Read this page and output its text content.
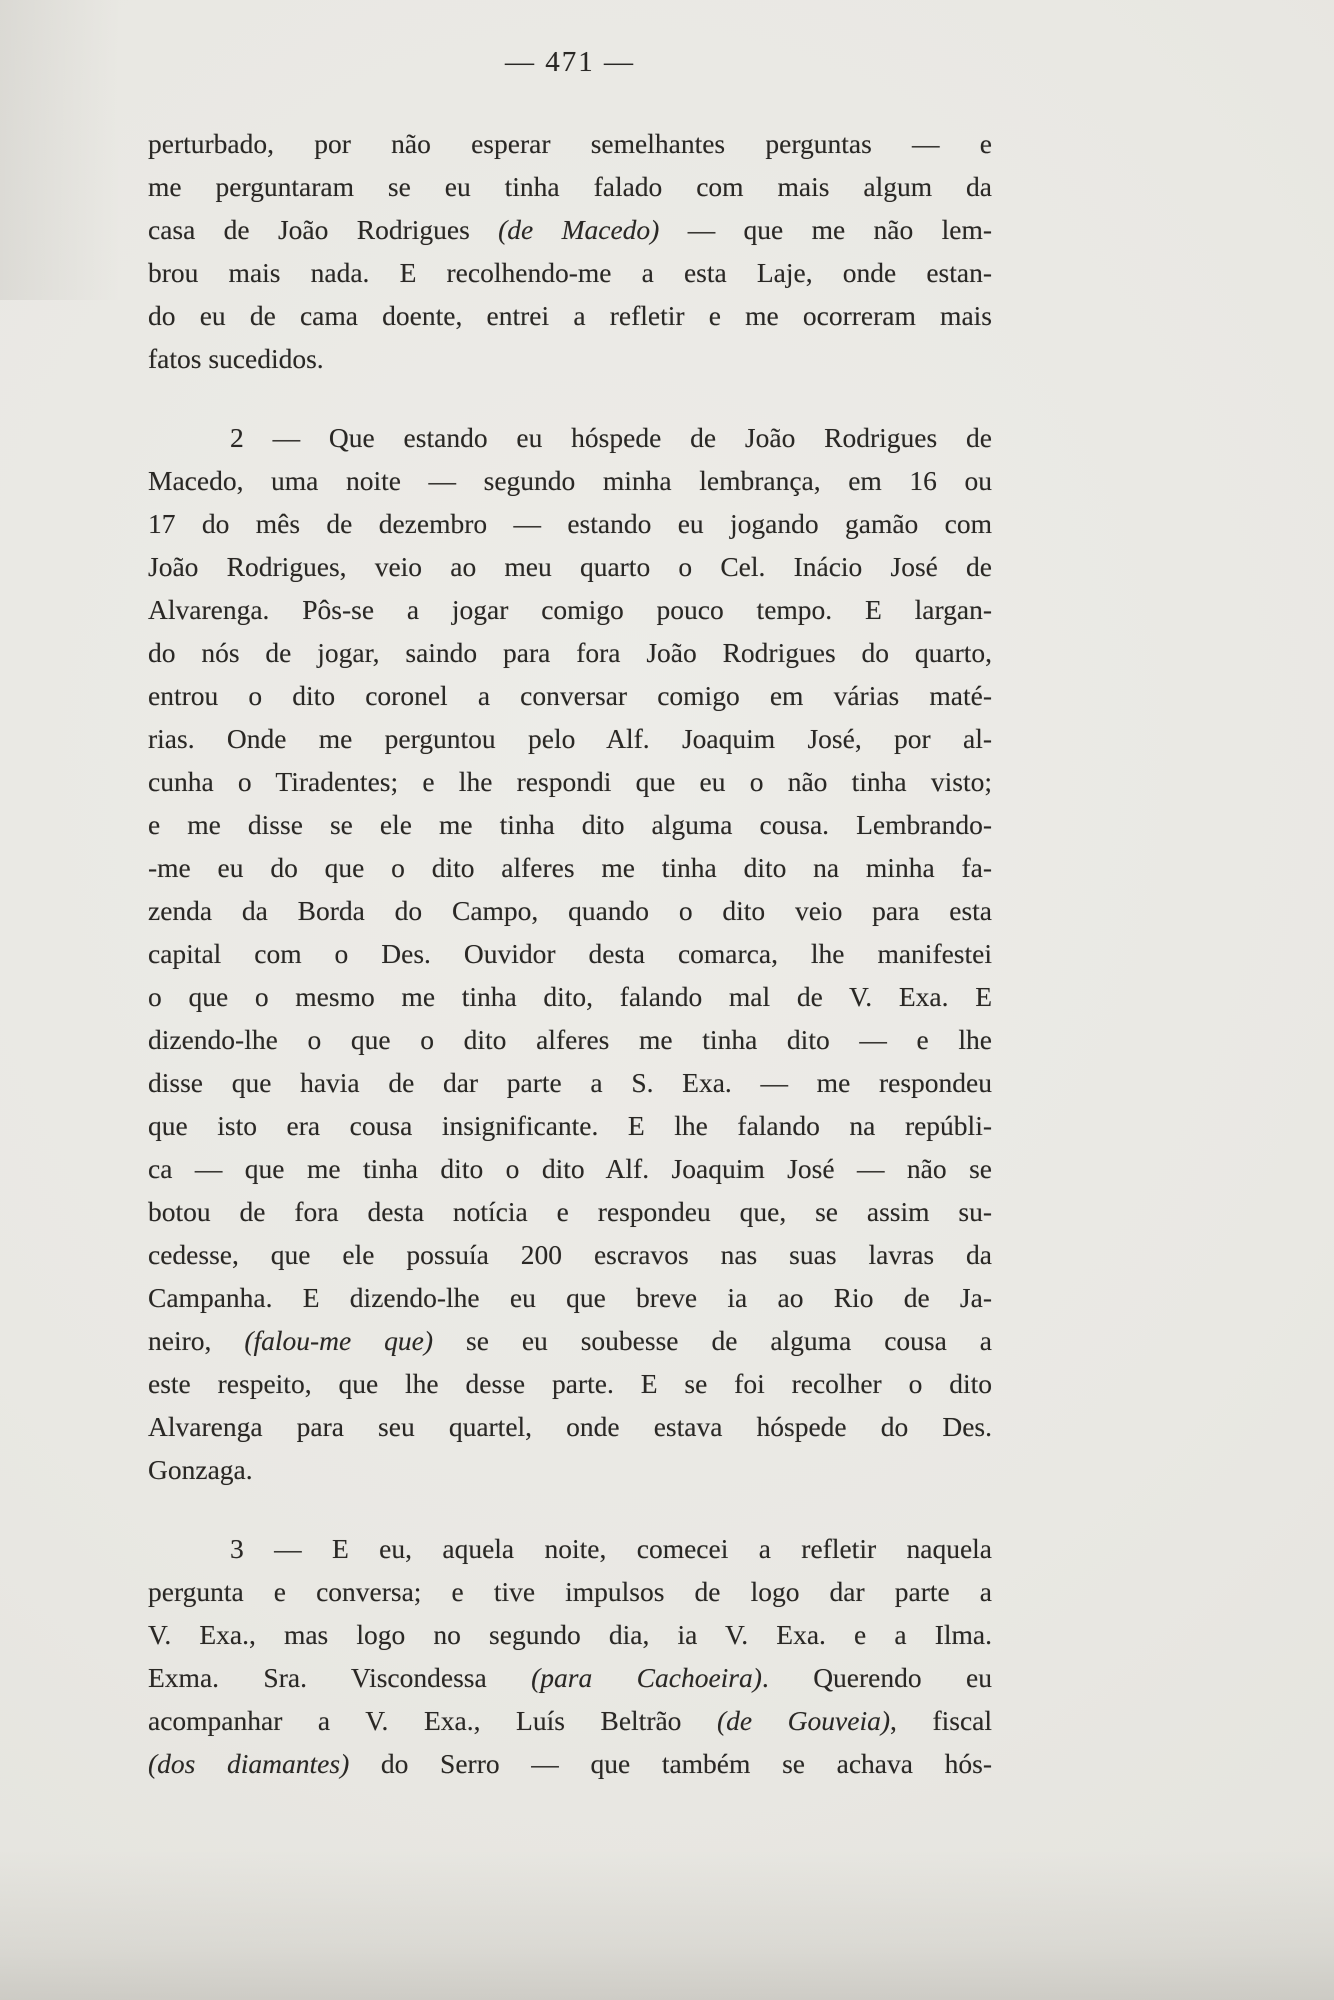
— 471 —
perturbado, por não esperar semelhantes perguntas — e
me perguntaram se eu tinha falado com mais algum da
casa de João Rodrigues (de Macedo) — que me não lem-
brou mais nada. E recolhendo-me a esta Laje, onde estan-
do eu de cama doente, entrei a refletir e me ocorreram mais
fatos sucedidos.
2 — Que estando eu hóspede de João Rodrigues de
Macedo, uma noite — segundo minha lembrança, em 16 ou
17 do mês de dezembro — estando eu jogando gamão com
João Rodrigues, veio ao meu quarto o Cel. Inácio José de
Alvarenga. Pôs-se a jogar comigo pouco tempo. E largan-
do nós de jogar, saindo para fora João Rodrigues do quarto,
entrou o dito coronel a conversar comigo em várias maté-
rias. Onde me perguntou pelo Alf. Joaquim José, por al-
cunha o Tiradentes; e lhe respondi que eu o não tinha visto;
e me disse se ele me tinha dito alguma cousa. Lembrando-
-me eu do que o dito alferes me tinha dito na minha fa-
zenda da Borda do Campo, quando o dito veio para esta
capital com o Des. Ouvidor desta comarca, lhe manifestei
o que o mesmo me tinha dito, falando mal de V. Exa. E
dizendo-lhe o que o dito alferes me tinha dito — e lhe
disse que havia de dar parte a S. Exa. — me respondeu
que isto era cousa insignificante. E lhe falando na repúbli-
ca — que me tinha dito o dito Alf. Joaquim José — não se
botou de fora desta notícia e respondeu que, se assim su-
cedesse, que ele possuía 200 escravos nas suas lavras da
Campanha. E dizendo-lhe eu que breve ia ao Rio de Ja-
neiro, (falou-me que) se eu soubesse de alguma cousa a
este respeito, que lhe desse parte. E se foi recolher o dito
Alvarenga para seu quartel, onde estava hóspede do Des.
Gonzaga.
3 — E eu, aquela noite, comecei a refletir naquela
pergunta e conversa; e tive impulsos de logo dar parte a
V. Exa., mas logo no segundo dia, ia V. Exa. e a Ilma.
Exma. Sra. Viscondessa (para Cachoeira). Querendo eu
acompanhar a V. Exa., Luís Beltrão (de Gouveia), fiscal
(dos diamantes) do Serro — que também se achava hós-
